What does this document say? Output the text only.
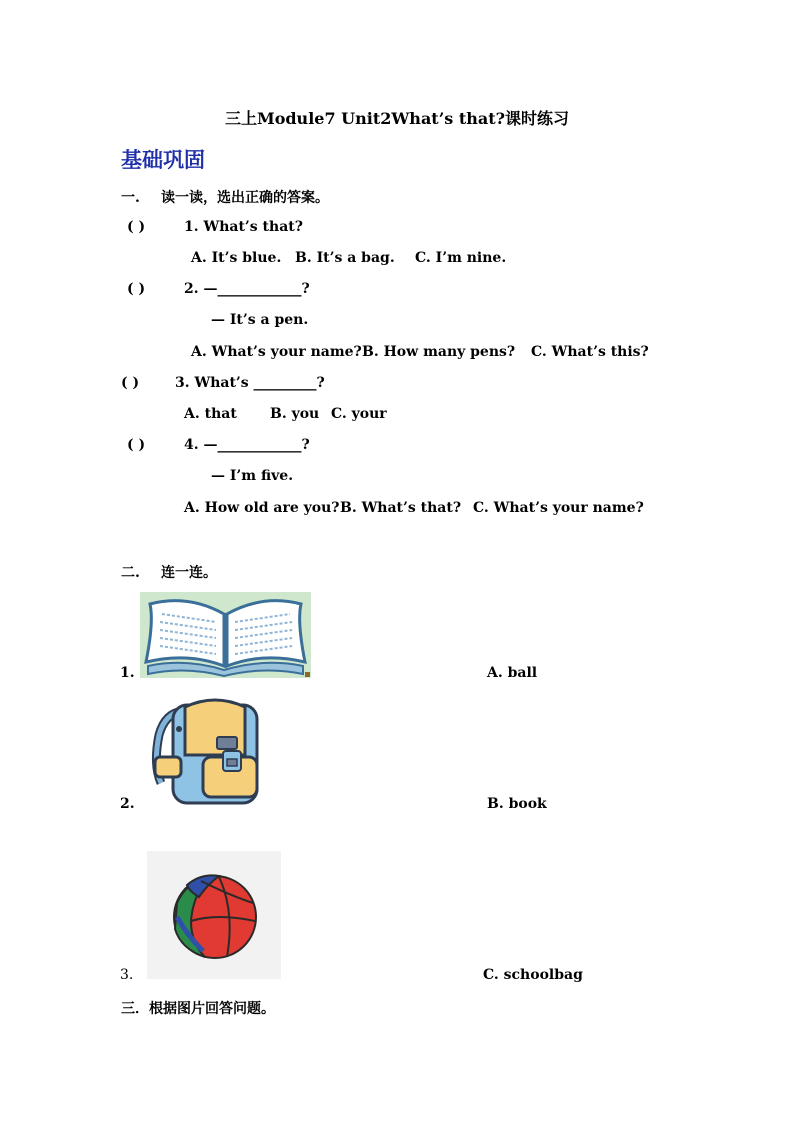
三上Module7 Unit2What’s that?课时练习
基础巩固
一. 读一读，选出正确的答案。
( )	1. What’s that?
A. It’s blue. B. It’s a bag. C. I’m nine.
( )	2. —____________?
— It’s a pen.
A. What’s your name? B. How many pens? C. What’s this?
( )	3. What’s _________?
A. that B. you C. your
( )	4. —____________?
— I’m five.
A. How old are you? B. What’s that? C. What’s your name?
二. 连一连。
1.	A. ball
2.	B. book
3.	C. schoolbag
三．根据图片回答问题。
